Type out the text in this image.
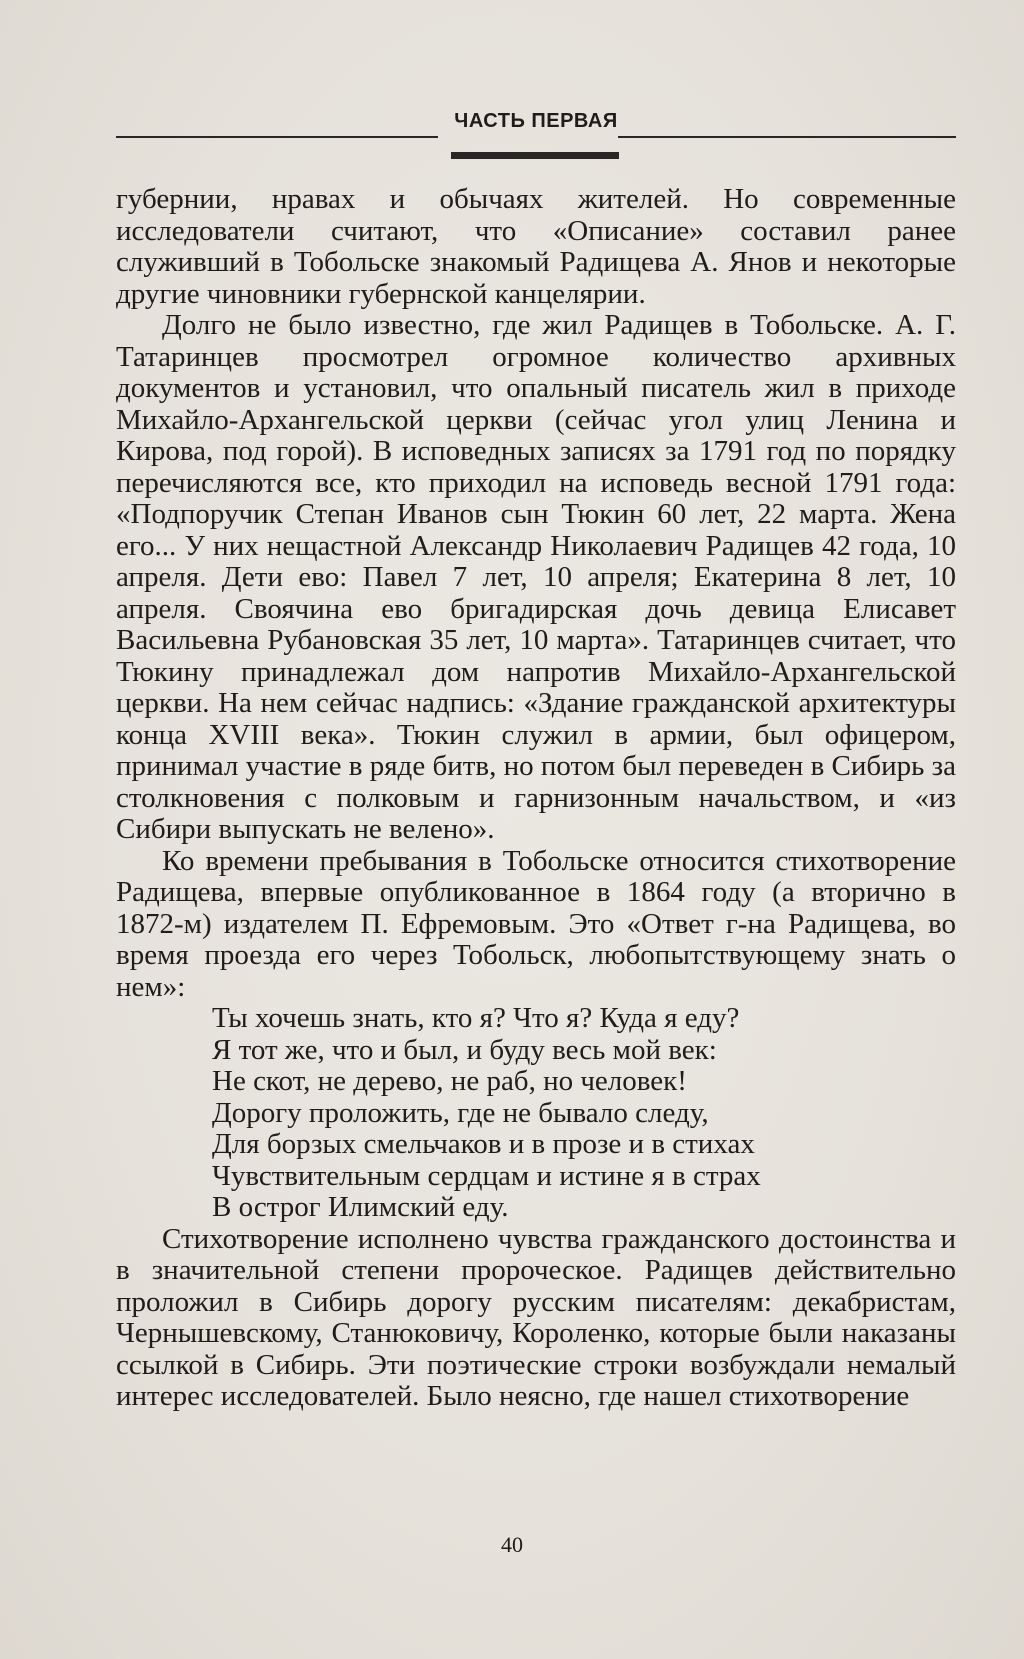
ЧАСТЬ ПЕРВАЯ

губернии, нравах и обычаях жителей. Но современные исследователи считают, что «Описание» составил ранее служивший в Тобольске знакомый Радищева А. Янов и некоторые другие чиновники губернской канцелярии.

Долго не было известно, где жил Радищев в Тобольске. А. Г. Татаринцев просмотрел огромное количество архивных документов и установил, что опальный писатель жил в приходе Михайло-Архангельской церкви (сейчас угол улиц Ленина и Кирова, под горой). В исповедных записях за 1791 год по порядку перечисляются все, кто приходил на исповедь весной 1791 года: «Подпоручик Степан Иванов сын Тюкин 60 лет, 22 марта. Жена его... У них нещастной Александр Николаевич Радищев 42 года, 10 апреля. Дети ево: Павел 7 лет, 10 апреля; Екатерина 8 лет, 10 апреля. Своячина ево бригадирская дочь девица Елисавет Васильевна Рубановская 35 лет, 10 марта». Татаринцев считает, что Тюкину принадлежал дом напротив Михайло-Архангельской церкви. На нем сейчас надпись: «Здание гражданской архитектуры конца XVIII века». Тюкин служил в армии, был офицером, принимал участие в ряде битв, но потом был переведен в Сибирь за столкновения с полковым и гарнизонным начальством, и «из Сибири выпускать не велено».

Ко времени пребывания в Тобольске относится стихотворение Радищева, впервые опубликованное в 1864 году (а вторично в 1872-м) издателем П. Ефремовым. Это «Ответ г-на Радищева, во время проезда его через Тобольск, любопытствующему знать о нем»:

Ты хочешь знать, кто я? Что я? Куда я еду?
Я тот же, что и был, и буду весь мой век:
Не скот, не дерево, не раб, но человек!
Дорогу проложить, где не бывало следу,
Для борзых смельчаков и в прозе и в стихах
Чувствительным сердцам и истине я в страх
В острог Илимский еду.

Стихотворение исполнено чувства гражданского достоинства и в значительной степени пророческое. Радищев действительно проложил в Сибирь дорогу русским писателям: декабристам, Чернышевскому, Станюковичу, Короленко, которые были наказаны ссылкой в Сибирь. Эти поэтические строки возбуждали немалый интерес исследователей. Было неясно, где нашел стихотворение

40
